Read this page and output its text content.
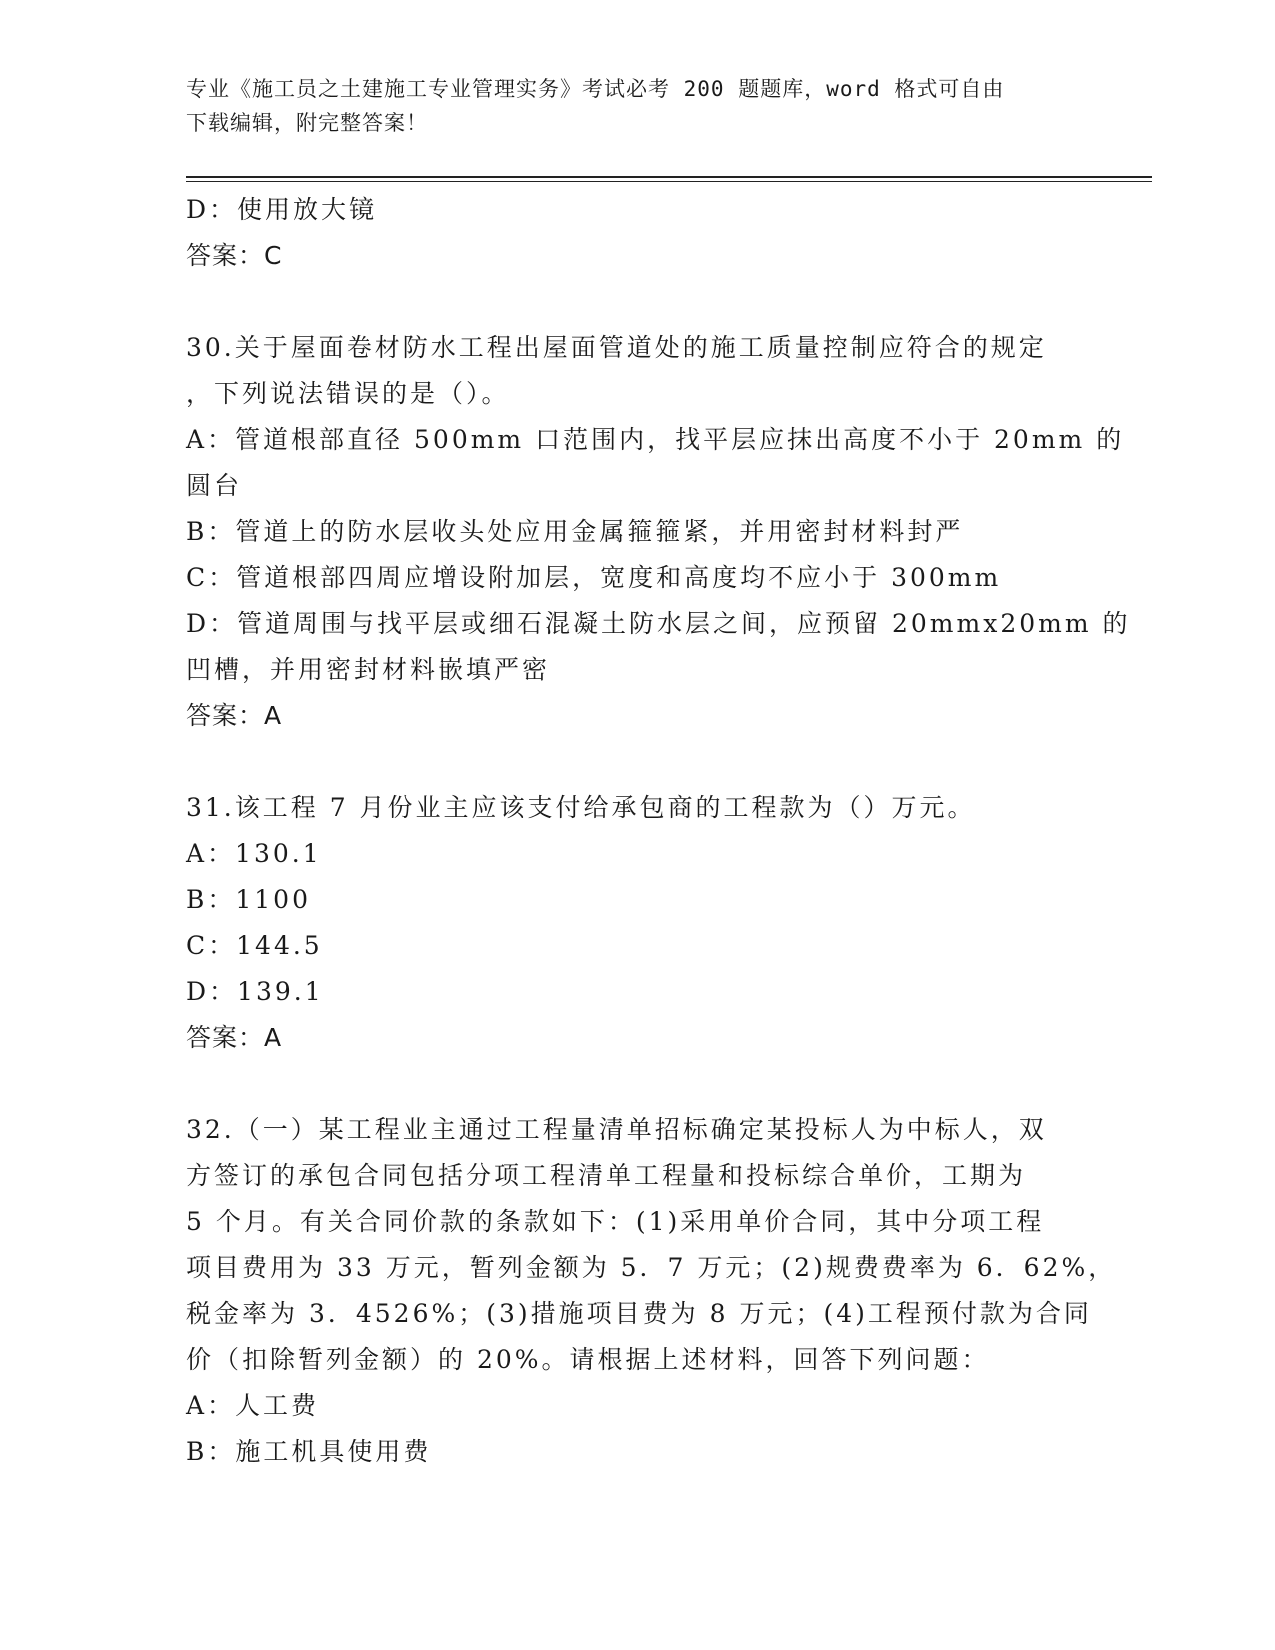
专业《施工员之土建施工专业管理实务》考试必考 200 题题库，word 格式可自由
下载编辑，附完整答案！
D：使用放大镜
答案：C
30.关于屋面卷材防水工程出屋面管道处的施工质量控制应符合的规定
，下列说法错误的是（）。
A：管道根部直径 500mm 口范围内，找平层应抹出高度不小于 20mm 的
圆台
B：管道上的防水层收头处应用金属箍箍紧，并用密封材料封严
C：管道根部四周应增设附加层，宽度和高度均不应小于 300mm
D：管道周围与找平层或细石混凝土防水层之间，应预留 20mmx20mm 的
凹槽，并用密封材料嵌填严密
答案：A
31.该工程 7 月份业主应该支付给承包商的工程款为（）万元。
A：130.1
B：1100
C：144.5
D：139.1
答案：A
32.（一）某工程业主通过工程量清单招标确定某投标人为中标人，双
方签订的承包合同包括分项工程清单工程量和投标综合单价，工期为
5 个月。有关合同价款的条款如下：(1)采用单价合同，其中分项工程
项目费用为 33 万元，暂列金额为 5．7 万元；(2)规费费率为 6．62%，
税金率为 3．4526%；(3)措施项目费为 8 万元；(4)工程预付款为合同
价（扣除暂列金额）的 20%。请根据上述材料，回答下列问题：
A：人工费
B：施工机具使用费
